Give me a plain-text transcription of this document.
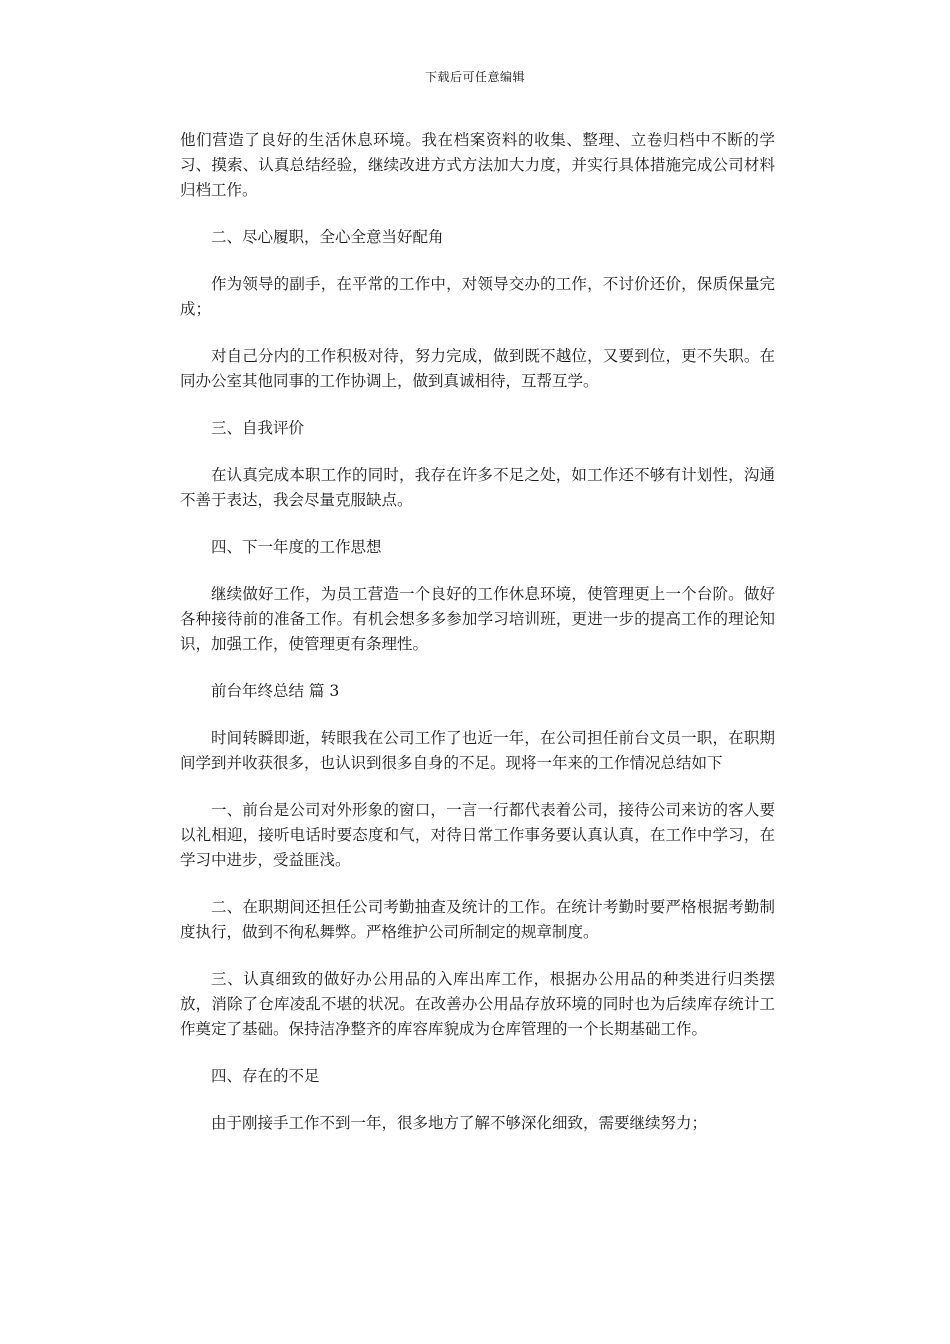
下载后可任意编辑

他们营造了良好的生活休息环境。我在档案资料的收集、整理、立卷归档中不断的学习、摸索、认真总结经验，继续改进方式方法加大力度，并实行具体措施完成公司材料归档工作。

二、尽心履职，全心全意当好配角

作为领导的副手，在平常的工作中，对领导交办的工作，不讨价还价，保质保量完成；

对自己分内的工作积极对待，努力完成，做到既不越位，又要到位，更不失职。在同办公室其他同事的工作协调上，做到真诚相待，互帮互学。

三、自我评价

在认真完成本职工作的同时，我存在许多不足之处，如工作还不够有计划性，沟通不善于表达，我会尽量克服缺点。

四、下一年度的工作思想

继续做好工作，为员工营造一个良好的工作休息环境，使管理更上一个台阶。做好各种接待前的准备工作。有机会想多多参加学习培训班，更进一步的提高工作的理论知识，加强工作，使管理更有条理性。

前台年终总结 篇 3

时间转瞬即逝，转眼我在公司工作了也近一年，在公司担任前台文员一职，在职期间学到并收获很多，也认识到很多自身的不足。现将一年来的工作情况总结如下

一、前台是公司对外形象的窗口，一言一行都代表着公司，接待公司来访的客人要以礼相迎，接听电话时要态度和气，对待日常工作事务要认真认真，在工作中学习，在学习中进步，受益匪浅。

二、在职期间还担任公司考勤抽查及统计的工作。在统计考勤时要严格根据考勤制度执行，做到不徇私舞弊。严格维护公司所制定的规章制度。

三、认真细致的做好办公用品的入库出库工作，根据办公用品的种类进行归类摆放，消除了仓库凌乱不堪的状况。在改善办公用品存放环境的同时也为后续库存统计工作奠定了基础。保持洁净整齐的库容库貌成为仓库管理的一个长期基础工作。

四、存在的不足

由于刚接手工作不到一年，很多地方了解不够深化细致，需要继续努力；
